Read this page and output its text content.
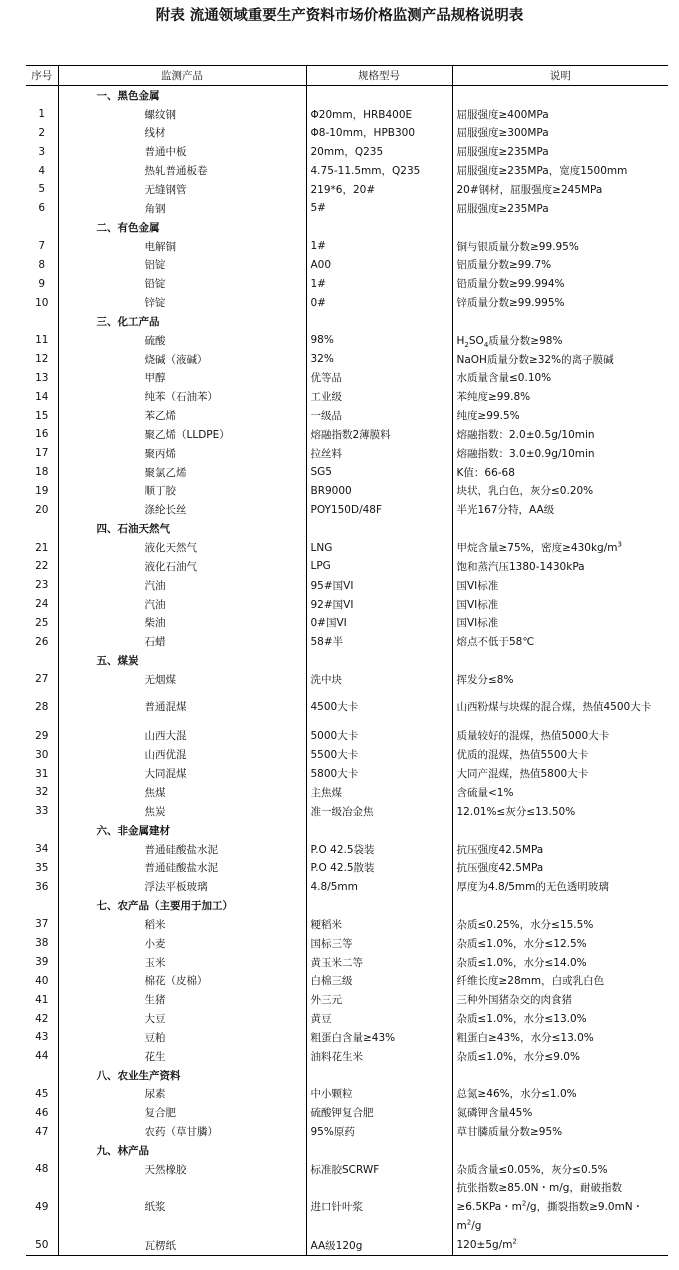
附表 流通领域重要生产资料市场价格监测产品规格说明表
序号	监测产品	规格型号	说明
	一、黑色金属		
1	螺纹钢	Φ20mm，HRB400E	屈服强度≥400MPa
2	线材	Φ8-10mm，HPB300	屈服强度≥300MPa
3	普通中板	20mm，Q235	屈服强度≥235MPa
4	热轧普通板卷	4.75-11.5mm，Q235	屈服强度≥235MPa，宽度1500mm
5	无缝钢管	219*6，20#	20#钢材，屈服强度≥245MPa
6	角钢	5#	屈服强度≥235MPa
	二、有色金属		
7	电解铜	1#	铜与银质量分数≥99.95%
8	铝锭	A00	铝质量分数≥99.7%
9	铅锭	1#	铅质量分数≥99.994%
10	锌锭	0#	锌质量分数≥99.995%
	三、化工产品		
11	硫酸	98%	$H_2SO_4$质量分数≥98%
12	烧碱（液碱）	32%	NaOH质量分数≥32%的离子膜碱
13	甲醇	优等品	水质量含量≤0.10%
14	纯苯（石油苯）	工业级	苯纯度≥99.8%
15	苯乙烯	一级品	纯度≥99.5%
16	聚乙烯（LLDPE）	熔融指数2薄膜料	熔融指数：2.0±0.5g/10min
17	聚丙烯	拉丝料	熔融指数：3.0±0.9g/10min
18	聚氯乙烯	SG5	K值：66-68
19	顺丁胶	BR9000	块状，乳白色，灰分≤0.20%
20	涤纶长丝	POY150D/48F	半光167分特，AA级
	四、石油天然气		
21	液化天然气	LNG	甲烷含量≥75%，密度$\ge 430kg/m^3$
22	液化石油气	LPG	饱和蒸汽压1380-1430kPa
23	汽油	95#国VI	国VI标准
24	汽油	92#国VI	国VI标准
25	柴油	0#国VI	国VI标准
26	石蜡	58#半	熔点不低于58℃
	五、煤炭		
27	无烟煤	洗中块	挥发分≤8%
28	普通混煤	4500大卡	山西粉煤与块煤的混合煤，热值4500大卡
29	山西大混	5000大卡	质量较好的混煤，热值5000大卡
30	山西优混	5500大卡	优质的混煤，热值5500大卡
31	大同混煤	5800大卡	大同产混煤，热值5800大卡
32	焦煤	主焦煤	含硫量<1%
33	焦炭	准一级冶金焦	12.01%≤灰分≤13.50%
	六、非金属建材		
34	普通硅酸盐水泥	P.O 42.5袋装	抗压强度42.5MPa
35	普通硅酸盐水泥	P.O 42.5散装	抗压强度42.5MPa
36	浮法平板玻璃	4.8/5mm	厚度为4.8/5mm的无色透明玻璃
	七、农产品（主要用于加工）		
37	稻米	粳稻米	杂质≤0.25%，水分≤15.5%
38	小麦	国标三等	杂质≤1.0%，水分≤12.5%
39	玉米	黄玉米二等	杂质≤1.0%，水分≤14.0%
40	棉花（皮棉）	白棉三级	纤维长度≥28mm，白或乳白色
41	生猪	外三元	三种外国猪杂交的肉食猪
42	大豆	黄豆	杂质≤1.0%，水分≤13.0%
43	豆粕	粗蛋白含量≥43%	粗蛋白≥43%，水分≤13.0%
44	花生	油料花生米	杂质≤1.0%，水分≤9.0%
	八、农业生产资料		
45	尿素	中小颗粒	总氮≥46%，水分≤1.0%
46	复合肥	硫酸钾复合肥	氮磷钾含量45%
47	农药（草甘膦）	95%原药	草甘膦质量分数≥95%
	九、林产品		
48	天然橡胶	标准胶SCRWF	杂质含量≤0.05%，灰分≤0.5%
49	纸浆	进口针叶浆	抗张指数≥85.0N・m/g，耐破指数≥6.5KPa・$m^2/g$，撕裂指数≥9.0mN・$m^2/g$
50	瓦楞纸	AA级120g	$120\pm 5g/m^2$
